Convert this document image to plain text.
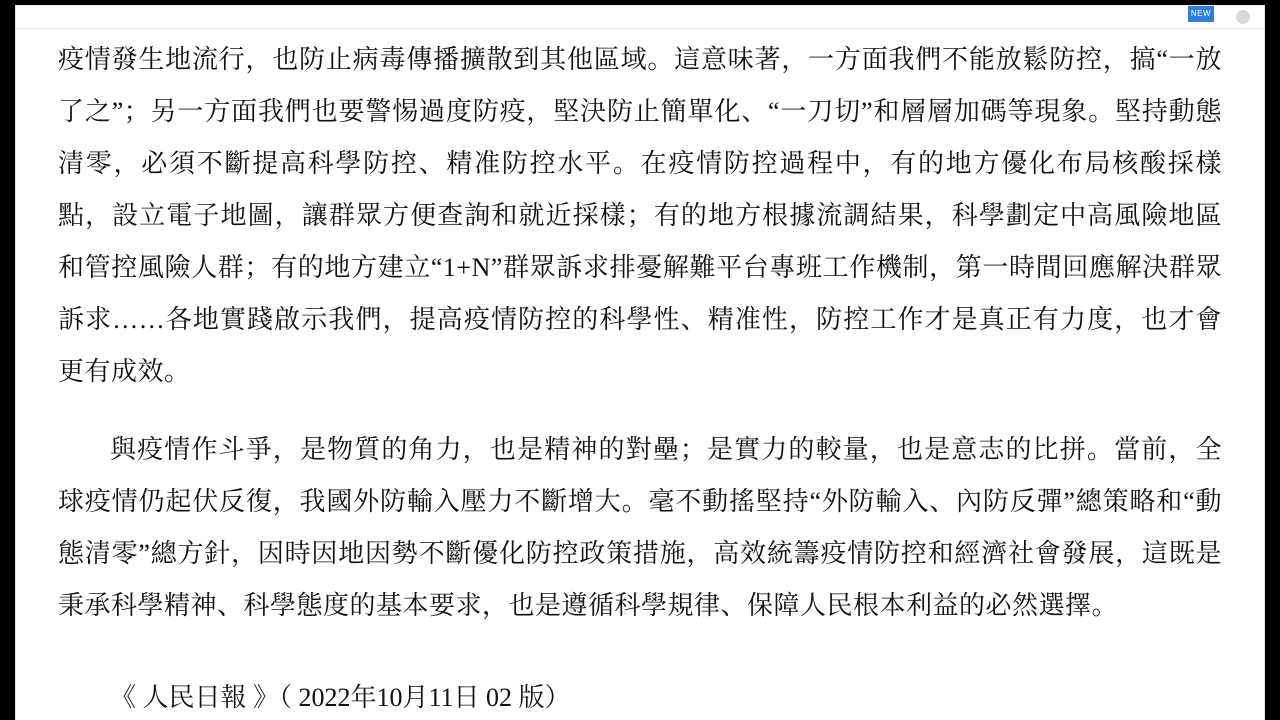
NEW

疫情發生地流行，也防止病毒傳播擴散到其他區域。這意味著，一方面我們不能放鬆防控，搞“一放了之”；另一方面我們也要警惕過度防疫，堅決防止簡單化、“一刀切”和層層加碼等現象。堅持動態清零，必須不斷提高科學防控、精准防控水平。在疫情防控過程中，有的地方優化布局核酸採樣點，設立電子地圖，讓群眾方便查詢和就近採樣；有的地方根據流調結果，科學劃定中高風險地區和管控風險人群；有的地方建立“1+N”群眾訴求排憂解難平台專班工作機制，第一時間回應解決群眾訴求……各地實踐啟示我們，提高疫情防控的科學性、精准性，防控工作才是真正有力度，也才會更有成效。

與疫情作斗爭，是物質的角力，也是精神的對壘；是實力的較量，也是意志的比拼。當前，全球疫情仍起伏反復，我國外防輸入壓力不斷增大。毫不動搖堅持“外防輸入、內防反彈”總策略和“動態清零”總方針，因時因地因勢不斷優化防控政策措施，高效統籌疫情防控和經濟社會發展，這既是秉承科學精神、科學態度的基本要求，也是遵循科學規律、保障人民根本利益的必然選擇。

《 人民日報 》（ 2022年10月11日 02 版）
